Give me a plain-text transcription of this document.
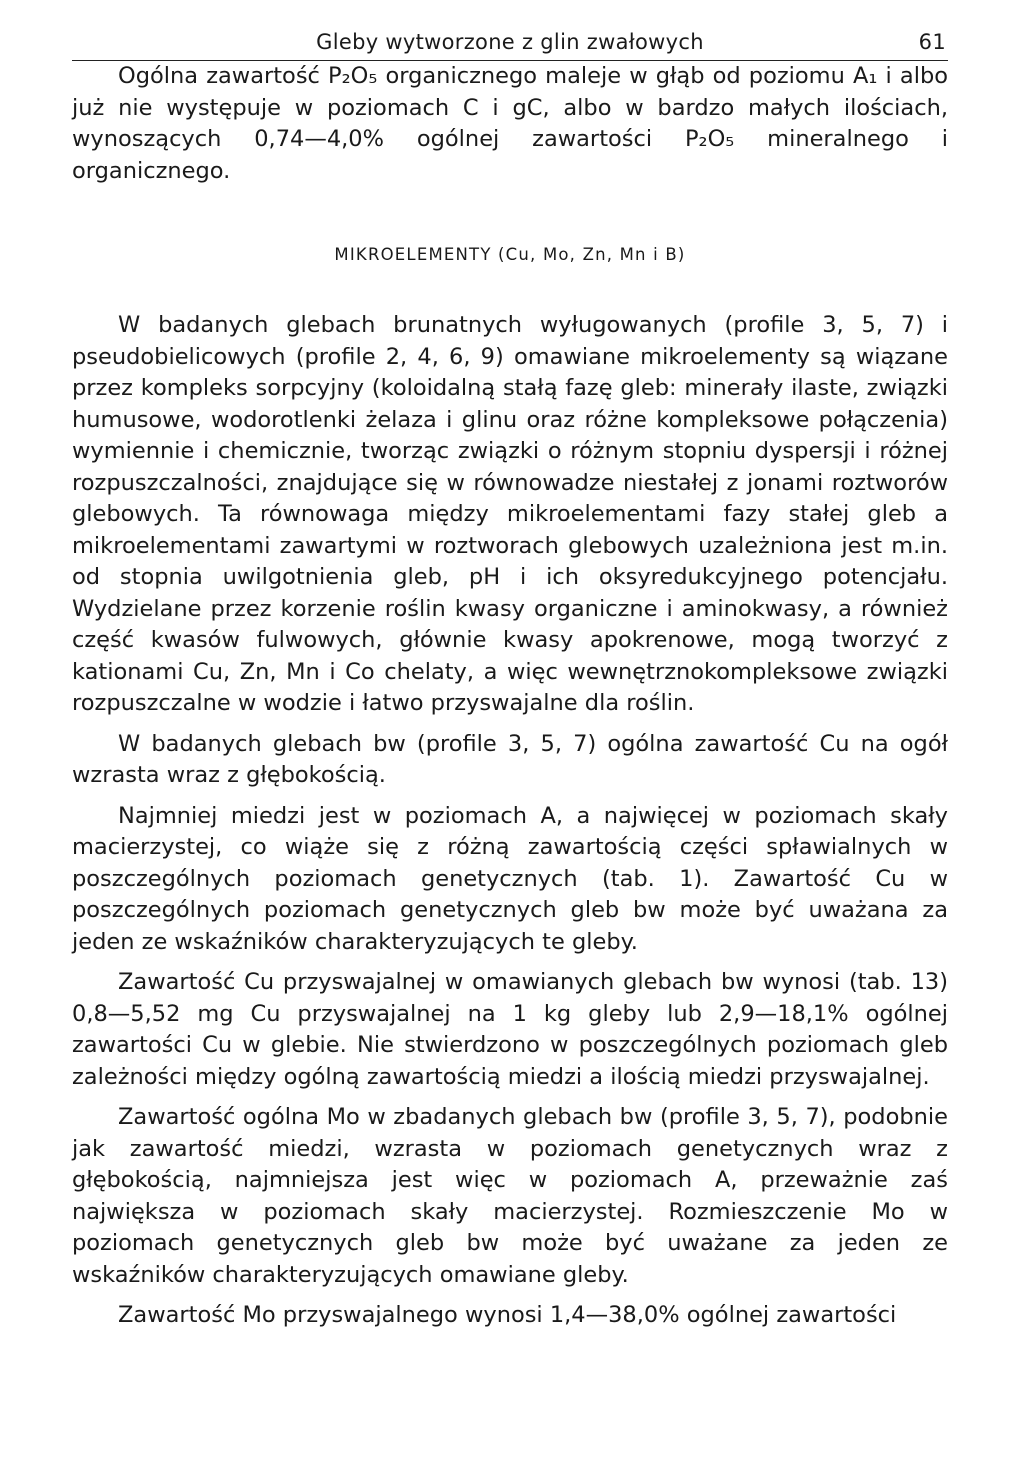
Gleby wytworzone z glin zwałowych	61

Ogólna zawartość P₂O₅ organicznego maleje w głąb od poziomu A₁ i albo już nie występuje w poziomach C i gC, albo w bardzo małych ilościach, wynoszących 0,74—4,0% ogólnej zawartości P₂O₅ mineralnego i organicznego.

MIKROELEMENTY (Cu, Mo, Zn, Mn i B)

W badanych glebach brunatnych wyługowanych (profile 3, 5, 7) i pseudobielicowych (profile 2, 4, 6, 9) omawiane mikroelementy są wiązane przez kompleks sorpcyjny (koloidalną stałą fazę gleb: minerały ilaste, związki humusowe, wodorotlenki żelaza i glinu oraz różne kompleksowe połączenia) wymiennie i chemicznie, tworząc związki o różnym stopniu dyspersji i różnej rozpuszczalności, znajdujące się w równowadze niestałej z jonami roztworów glebowych. Ta równowaga między mikroelementami fazy stałej gleb a mikroelementami zawartymi w roztworach glebowych uzależniona jest m.in. od stopnia uwilgotnienia gleb, pH i ich oksyredukcyjnego potencjału. Wydzielane przez korzenie roślin kwasy organiczne i aminokwasy, a również część kwasów fulwowych, głównie kwasy apokrenowe, mogą tworzyć z kationami Cu, Zn, Mn i Co chelaty, a więc wewnętrznokompleksowe związki rozpuszczalne w wodzie i łatwo przyswajalne dla roślin.

W badanych glebach bw (profile 3, 5, 7) ogólna zawartość Cu na ogół wzrasta wraz z głębokością.

Najmniej miedzi jest w poziomach A, a najwięcej w poziomach skały macierzystej, co wiąże się z różną zawartością części spławialnych w poszczególnych poziomach genetycznych (tab. 1). Zawartość Cu w poszczególnych poziomach genetycznych gleb bw może być uważana za jeden ze wskaźników charakteryzujących te gleby.

Zawartość Cu przyswajalnej w omawianych glebach bw wynosi (tab. 13) 0,8—5,52 mg Cu przyswajalnej na 1 kg gleby lub 2,9—18,1% ogólnej zawartości Cu w glebie. Nie stwierdzono w poszczególnych poziomach gleb zależności między ogólną zawartością miedzi a ilością miedzi przyswajalnej.

Zawartość ogólna Mo w zbadanych glebach bw (profile 3, 5, 7), podobnie jak zawartość miedzi, wzrasta w poziomach genetycznych wraz z głębokością, najmniejsza jest więc w poziomach A, przeważnie zaś największa w poziomach skały macierzystej. Rozmieszczenie Mo w poziomach genetycznych gleb bw może być uważane za jeden ze wskaźników charakteryzujących omawiane gleby.

Zawartość Mo przyswajalnego wynosi 1,4—38,0% ogólnej zawartości
